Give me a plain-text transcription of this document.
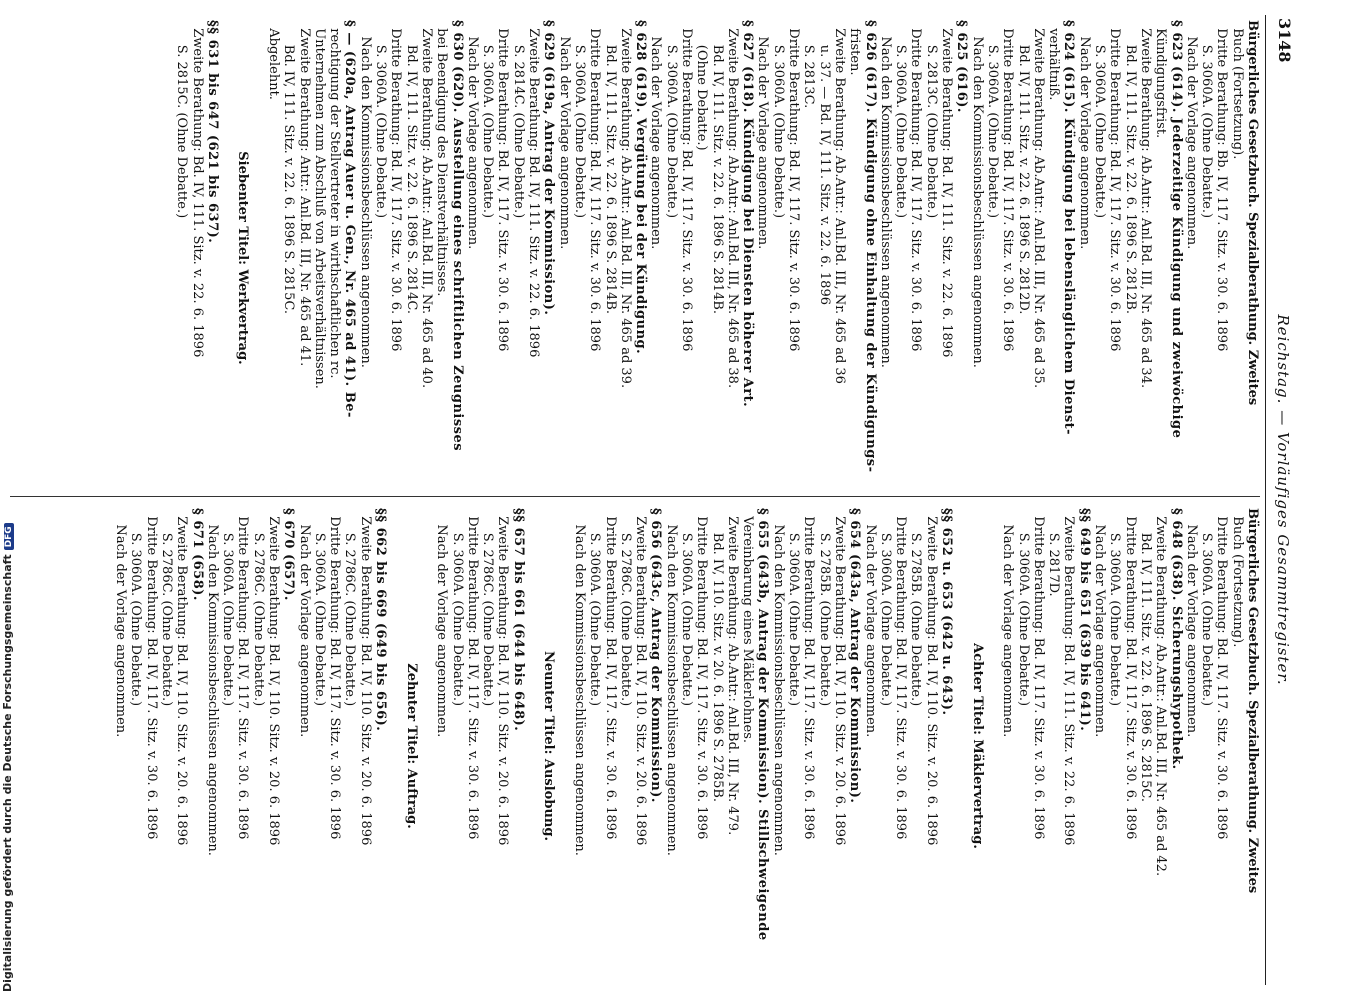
Digitalisierung gefördert durch die Deutsche ForschungsgemeinschaftDFG
3148
Reichstag. — Vorläufiges Gesammtregister.
Bürgerliches Gesetzbuch. Spezialberathung. Zweites
Buch (Fortsetzung).
Dritte Berathung: Bb. IV, 117. Sitz. v. 30. 6. 1896
S. 3060A. (Ohne Debatte.)
Nach der Vorlage angenommen.
§ 623 (614). Jederzeitige Kündigung und zweiwöchige
Kündigungsfrist.
Zweite Berathung: Ab.Antr.: Anl.Bd. III, Nr. 465 ad 34.
Bd. IV, 111. Sitz. v. 22. 6. 1896 S. 2812B.
Dritte Berathung: Bd. IV, 117. Sitz. v. 30. 6. 1896
S. 3060A. (Ohne Debatte.)
Nach der Vorlage angenommen.
§ 624 (615). Kündigung bei lebenslänglichem Dienst-
verhältniß.
Zweite Berathung: Ab.Antr.: Anl.Bd. III, Nr. 465 ad 35.
Bd. IV, 111. Sitz. v. 22. 6. 1896 S. 2812D.
Dritte Berathung: Bd. IV, 117. Sitz. v. 30. 6. 1896
S. 3060A. (Ohne Debatte.)
Nach den Kommissionsbeschlüssen angenommen.
§ 625 (616).
Zweite Berathung: Bd. IV, 111. Sitz. v. 22. 6. 1896
S. 2813C. (Ohne Debatte.)
Dritte Berathung: Bd. IV, 117. Sitz. v. 30. 6. 1896
S. 3060A. (Ohne Debatte.)
Nach den Kommissionsbeschlüssen angenommen.
§ 626 (617). Kündigung ohne Einhaltung der Kündigungs-
fristen.
Zweite Berathung: Ab.Antr.: Anl.Bd. III, Nr. 465 ad 36
u. 37. — Bd. IV, 111. Sitz. v. 22. 6. 1896
S. 2813C.
Dritte Berathung: Bd. IV, 117. Sitz. v. 30. 6. 1896
S. 3060A. (Ohne Debatte.)
Nach der Vorlage angenommen.
§ 627 (618). Kündigung bei Diensten höherer Art.
Zweite Berathung: Ab.Antr.: Anl.Bd. III, Nr. 465 ad 38.
Bd. IV, 111. Sitz. v. 22. 6. 1896 S. 2814B.
(Ohne Debatte.)
Dritte Berathung: Bd. IV, 117. Sitz. v. 30. 6. 1896
S. 3060A. (Ohne Debatte.)
Nach der Vorlage angenommen.
§ 628 (619). Vergütung bei der Kündigung.
Zweite Berathung: Ab.Antr.: Anl.Bd. III, Nr. 465 ad 39.
Bd. IV, 111. Sitz. v. 22. 6. 1896 S. 2814B.
Dritte Berathung: Bd. IV, 117. Sitz. v. 30. 6. 1896
S. 3060A. (Ohne Debatte.)
Nach der Vorlage angenommen.
§ 629 (619a, Antrag der Kommission).
Zweite Berathung: Bd. IV, 111. Sitz. v. 22. 6. 1896
S. 2814C. (Ohne Debatte.)
Dritte Berathung: Bd. IV, 117. Sitz. v. 30. 6. 1896
S. 3060A. (Ohne Debatte.)
Nach der Vorlage angenommen.
§ 630 (620). Ausstellung eines schriftlichen Zeugnisses
bei Beendigung des Dienstverhältnisses.
Zweite Berathung: Ab.Antr.: Anl.Bd. III, Nr. 465 ad 40.
Bd. IV, 111. Sitz. v. 22. 6. 1896 S. 2814C.
Dritte Berathung: Bd. IV, 117. Sitz. v. 30. 6. 1896
S. 3060A. (Ohne Debatte.)
Nach den Kommissionsbeschlüssen angenommen.
§ — (620a, Antrag Auer u. Gen., Nr. 465 ad 41). Be-
rechtigung der Stellvertreter in wirthschaftlichen rc.
Unternehmen zum Abschluß von Arbeitsverhältnissen.
Zweite Berathung: Antr.: Anl.Bd. III, Nr. 465 ad 41.
Bd. IV, 111. Sitz. v. 22. 6. 1896 S. 2815C.
Abgelehnt.
Siebenter Titel: Werkvertrag.
§§ 631 bis 647 (621 bis 637).
Zweite Berathung: Bd. IV, 111. Sitz. v. 22. 6. 1896
S. 2815C. (Ohne Debatte.)
Bürgerliches Gesetzbuch. Spezialberathung. Zweites
Buch (Fortsetzung).
Dritte Berathung: Bd. IV, 117. Sitz. v. 30. 6. 1896
S. 3060A. (Ohne Debatte.)
Nach der Vorlage angenommen.
§ 648 (638). Sicherungshypothek.
Zweite Berathung: Ab.Antr.: Anl.Bd. III, Nr. 465 ad 42.
Bd. IV, 111. Sitz. v. 22. 6. 1896 S. 2815C.
Dritte Berathung: Bd. IV, 117. Sitz. v. 30. 6. 1896
S. 3060A. (Ohne Debatte.)
Nach der Vorlage angenommen.
§§ 649 bis 651 (639 bis 641).
Zweite Berathung: Bd. IV, 111. Sitz. v. 22. 6. 1896
S. 2817D.
Dritte Berathung: Bd. IV, 117. Sitz. v. 30. 6. 1896
S. 3060A. (Ohne Debatte.)
Nach der Vorlage angenommen.
Achter Titel: Mäklervertrag.
§§ 652 u. 653 (642 u. 643).
Zweite Berathung: Bd. IV, 110. Sitz. v. 20. 6. 1896
S. 2785B. (Ohne Debatte.)
Dritte Berathung: Bd. IV, 117. Sitz. v. 30. 6. 1896
S. 3060A. (Ohne Debatte.)
Nach der Vorlage angenommen.
§ 654 (643a, Antrag der Kommission).
Zweite Berathung: Bd. IV, 110. Sitz. v. 20. 6. 1896
S. 2785B. (Ohne Debatte.)
Dritte Berathung: Bd. IV, 117. Sitz. v. 30. 6. 1896
S. 3060A. (Ohne Debatte.)
Nach den Kommissionsbeschlüssen angenommen.
§ 655 (643b, Antrag der Kommission). Stillschweigende
Vereinbarung eines Mäklerlohnes.
Zweite Berathung: Ab.Antr.: Anl.Bd. III, Nr. 479.
Bd. IV, 110. Sitz. v. 20. 6. 1896 S. 2785B.
Dritte Berathung: Bd. IV, 117. Sitz. v. 30. 6. 1896
S. 3060A. (Ohne Debatte.)
Nach den Kommissionsbeschlüssen angenommen.
§ 656 (643c, Antrag der Kommission).
Zweite Berathung: Bd. IV, 110. Sitz. v. 20. 6. 1896
S. 2786C. (Ohne Debatte.)
Dritte Berathung: Bd. IV, 117. Sitz. v. 30. 6. 1896
S. 3060A. (Ohne Debatte.)
Nach den Kommissionsbeschlüssen angenommen.
Neunter Titel: Auslobung.
§§ 657 bis 661 (644 bis 648).
Zweite Berathung: Bd. IV, 110. Sitz. v. 20. 6. 1896
S. 2786C. (Ohne Debatte.)
Dritte Berathung: Bd. IV, 117. Sitz. v. 30. 6. 1896
S. 3060A. (Ohne Debatte.)
Nach der Vorlage angenommen.
Zehnter Titel: Auftrag.
§§ 662 bis 669 (649 bis 656).
Zweite Berathung: Bd. IV, 110. Sitz. v. 20. 6. 1896
S. 2786C. (Ohne Debatte.)
Dritte Berathung: Bd. IV, 117. Sitz. v. 30. 6. 1896
S. 3060A. (Ohne Debatte.)
Nach der Vorlage angenommen.
§ 670 (657).
Zweite Berathung: Bd. IV, 110. Sitz. v. 20. 6. 1896
S. 2786C. (Ohne Debatte.)
Dritte Berathung: Bd. IV, 117. Sitz. v. 30. 6. 1896
S. 3060A. (Ohne Debatte.)
Nach den Kommissionsbeschlüssen angenommen.
§ 671 (658).
Zweite Berathung: Bd. IV, 110. Sitz. v. 20. 6. 1896
S. 2786C. (Ohne Debatte.)
Dritte Berathung: Bd. IV, 117. Sitz. v. 30. 6. 1896
S. 3060A. (Ohne Debatte.)
Nach der Vorlage angenommen.
